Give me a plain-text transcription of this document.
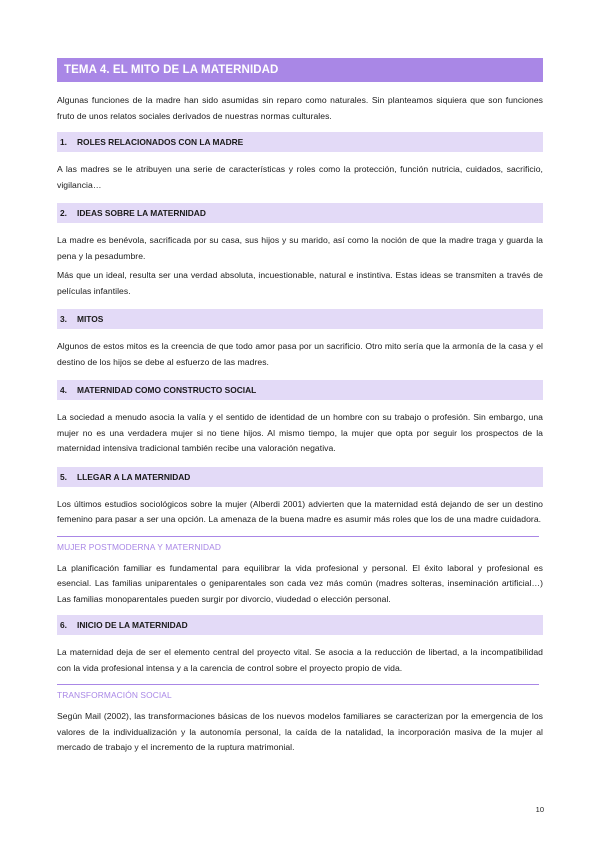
TEMA 4. EL MITO DE LA MATERNIDAD

Algunas funciones de la madre han sido asumidas sin reparo como naturales. Sin planteamos siquiera que son funciones fruto de unos relatos sociales derivados de nuestras normas culturales.

1. ROLES RELACIONADOS CON LA MADRE

A las madres se le atribuyen una serie de características y roles como la protección, función nutricia, cuidados, sacrificio, vigilancia…

2. IDEAS SOBRE LA MATERNIDAD

La madre es benévola, sacrificada por su casa, sus hijos y su marido, así como la noción de que la madre traga y guarda la pena y la pesadumbre.

Más que un ideal, resulta ser una verdad absoluta, incuestionable, natural e instintiva. Estas ideas se transmiten a través de películas infantiles.

3. MITOS

Algunos de estos mitos es la creencia de que todo amor pasa por un sacrificio. Otro mito sería que la armonía de la casa y el destino de los hijos se debe al esfuerzo de las madres.

4. MATERNIDAD COMO CONSTRUCTO SOCIAL

La sociedad a menudo asocia la valía y el sentido de identidad de un hombre con su trabajo o profesión. Sin embargo, una mujer no es una verdadera mujer si no tiene hijos. Al mismo tiempo, la mujer que opta por seguir los prospectos de la maternidad intensiva tradicional también recibe una valoración negativa.

5. LLEGAR A LA MATERNIDAD

Los últimos estudios sociológicos sobre la mujer (Alberdi 2001) advierten que la maternidad está dejando de ser un destino femenino para pasar a ser una opción. La amenaza de la buena madre es asumir más roles que los de una madre cuidadora.

MUJER POSTMODERNA Y MATERNIDAD

La planificación familiar es fundamental para equilibrar la vida profesional y personal. El éxito laboral y profesional es esencial. Las familias uniparentales o geniparentales son cada vez más común (madres solteras, inseminación artificial…) Las familias monoparentales pueden surgir por divorcio, viudedad o elección personal.

6. INICIO DE LA MATERNIDAD

La maternidad deja de ser el elemento central del proyecto vital. Se asocia a la reducción de libertad, a la incompatibilidad con la vida profesional intensa y a la carencia de control sobre el proyecto propio de vida.

TRANSFORMACIÓN SOCIAL

Según Mail (2002), las transformaciones básicas de los nuevos modelos familiares se caracterizan por la emergencia de los valores de la individualización y la autonomía personal, la caída de la natalidad, la incorporación masiva de la mujer al mercado de trabajo y el incremento de la ruptura matrimonial.

10
